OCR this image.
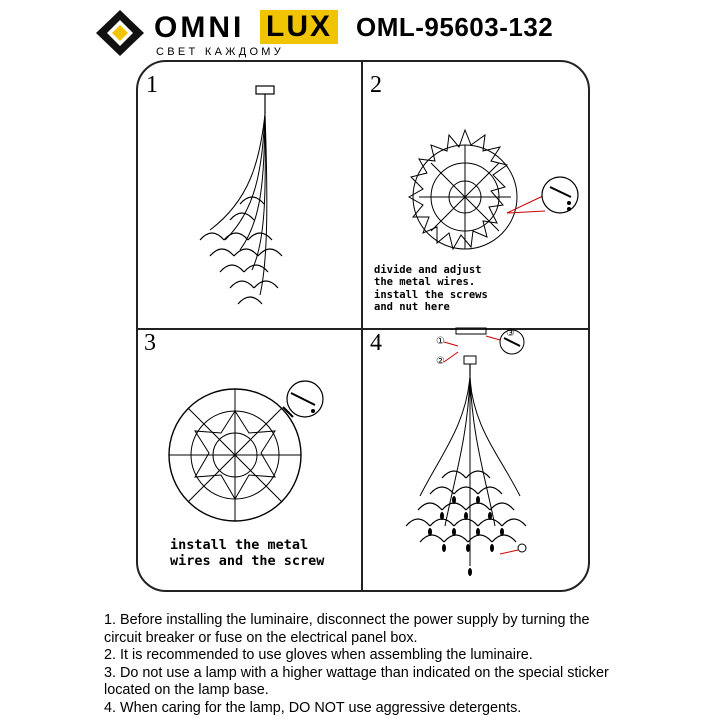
OMNI LUX
СВЕТ КАЖДОМУ
OML-95603-132
1	2
divide and adjust
the metal wires.
install the screws
and nut here
3
install the metal
wires and the screw
4	①
②
③

1. Before installing the luminaire, disconnect the power supply by turning the circuit breaker or fuse on the electrical panel box.

2. It is recommended to use gloves when assembling the luminaire.

3. Do not use a lamp with a higher wattage than indicated on the special sticker located on the lamp base.

4. When caring for the lamp, DO NOT use aggressive detergents.
